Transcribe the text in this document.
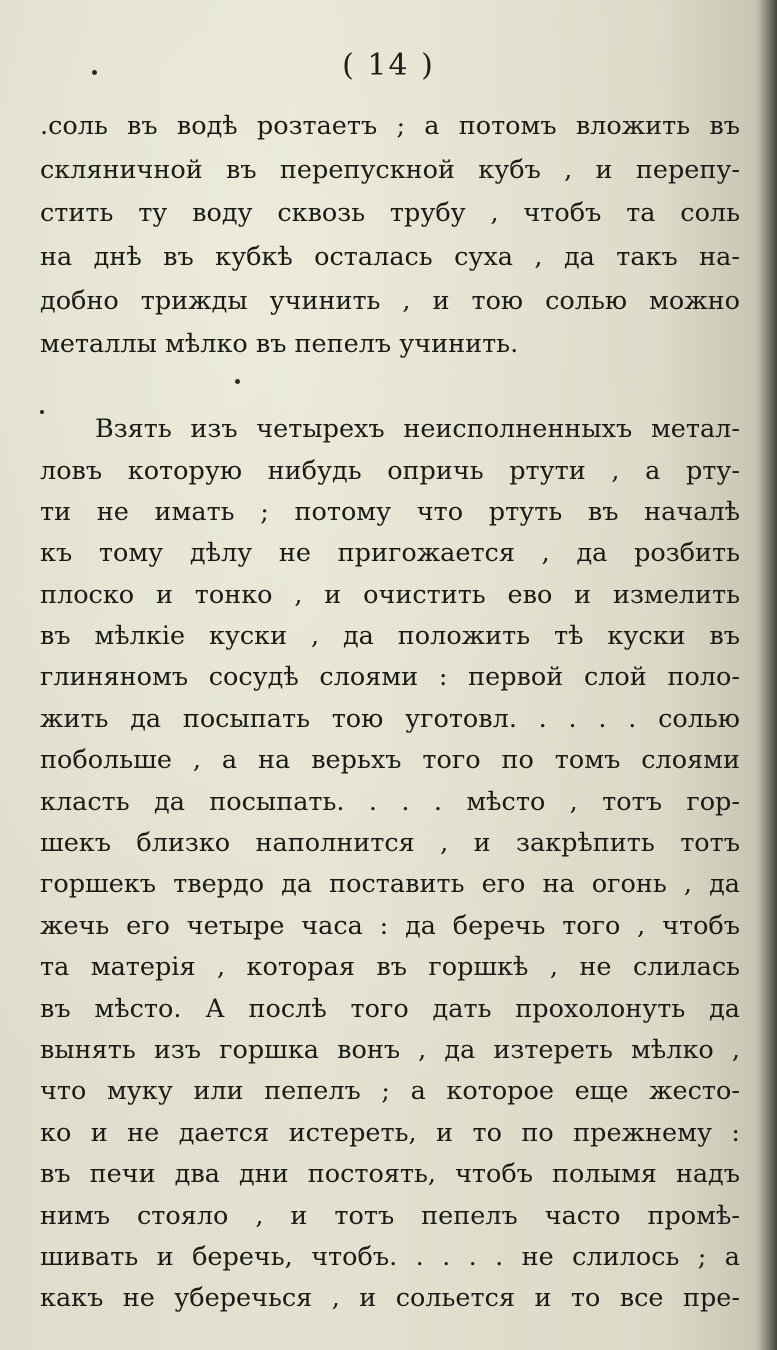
( 14 )
.соль въ водѣ розтаетъ ; а потомъ вложить въ
скляничной въ перепускной кубъ , и перепу-
стить ту воду сквозь трубу , чтобъ та соль
на днѣ въ кубкѣ осталась суха , да такъ на-
добно трижды учинить , и тою солью можно
металлы мѣлко въ пепелъ учинить.
Взять изъ четырехъ неисполненныхъ метал-
ловъ которую нибудь опричь ртути , а рту-
ти не имать ; потому что ртуть въ началѣ
къ тому дѣлу не пригожается , да розбить
плоско и тонко , и очистить ево и измелить
въ мѣлкіе куски , да положить тѣ куски въ
глиняномъ сосудѣ слоями : первой слой поло-
жить да посыпать тою уготовл. . . . . солью
побольше , а на верьхъ того по томъ слоями
класть да посыпать. . . . мѣсто , тотъ гор-
шекъ близко наполнится , и закрѣпить тотъ
горшекъ твердо да поставить его на огонь , да
жечь его четыре часа : да беречь того , чтобъ
та матерія , которая въ горшкѣ , не слилась
въ мѣсто. А послѣ того дать прохолонуть да
вынять изъ горшка вонъ , да изтереть мѣлко ,
что муку или пепелъ ; а которое еще жесто-
ко и не дается истереть, и то по прежнему :
въ печи два дни постоять, чтобъ полымя надъ
нимъ стояло , и тотъ пепелъ часто промѣ-
шивать и беречь, чтобъ. . . . . не слилось ; а
какъ не уберечься , и сольется и то все пре-
